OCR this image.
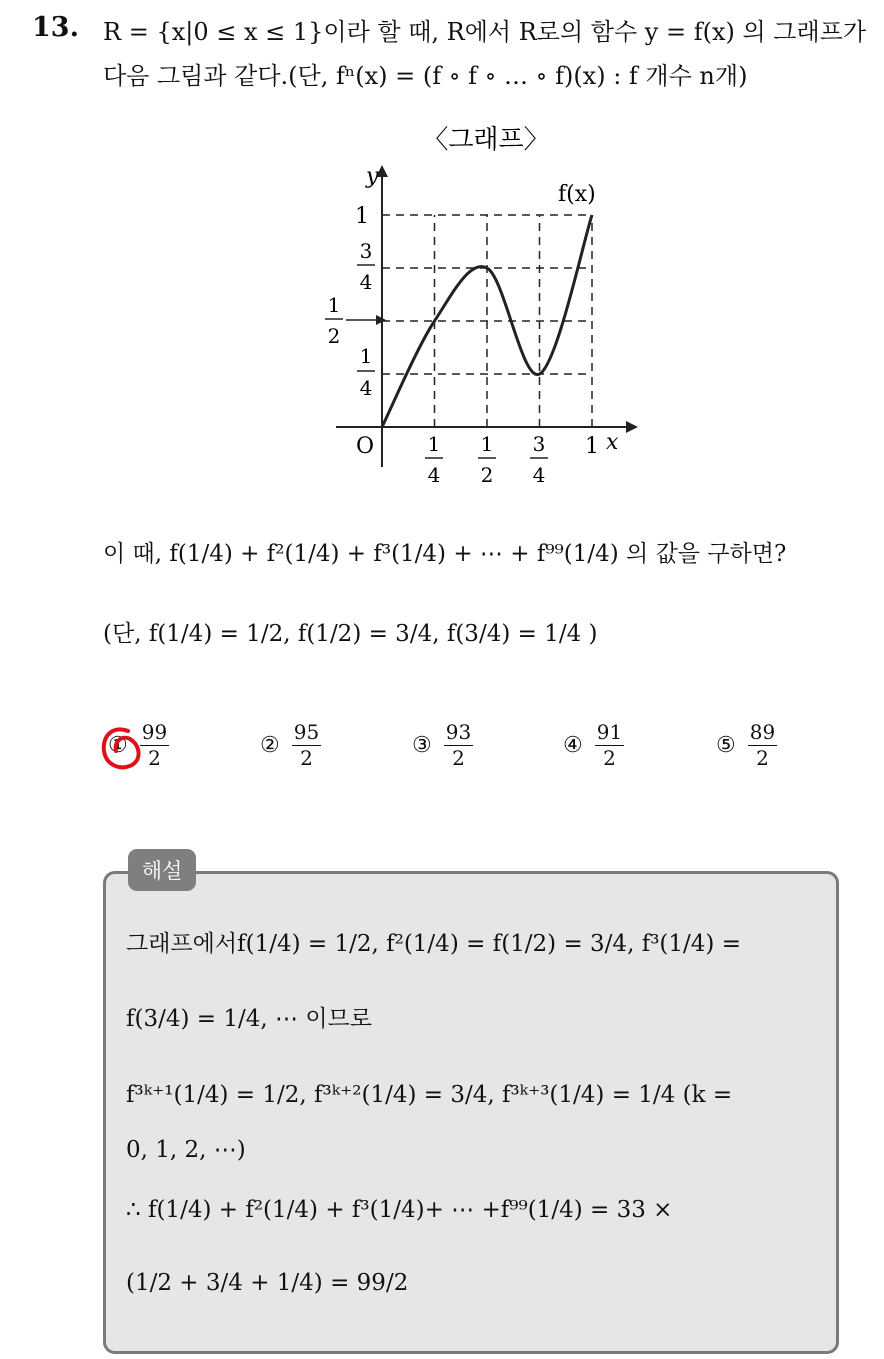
13. R = {x|0 ≤ x ≤ 1}이라 할 때, R에서 R로의 함수 y = f(x) 의 그래프가
다음 그림과 같다.(단, fⁿ(x) = (f ∘ f ∘ … ∘ f)(x) : f 개수 n개)
〈그래프〉
y
x
f(x)
O
1
3
4
1
2
1
4
1
4
1
2
3
4
1
이 때, f(1/4) + f²(1/4) + f³(1/4) + ⋯ + f⁹⁹(1/4) 의 값을 구하면?
(단, f(1/4) = 1/2, f(1/2) = 3/4, f(3/4) = 1/4 )
① $\frac{99}{2}$	② $\frac{95}{2}$	③ $\frac{93}{2}$	④ $\frac{91}{2}$	⑤ $\frac{89}{2}$
해설
그래프에서f(1/4) = 1/2, f²(1/4) = f(1/2) = 3/4, f³(1/4) =
f(3/4) = 1/4, ⋯ 이므로
f³ᵏ⁺¹(1/4) = 1/2, f³ᵏ⁺²(1/4) = 3/4, f³ᵏ⁺³(1/4) = 1/4 (k =
0, 1, 2, ⋯)
∴ f(1/4) + f²(1/4) + f³(1/4)+ ⋯ +f⁹⁹(1/4) = 33 ×
(1/2 + 3/4 + 1/4) = 99/2
